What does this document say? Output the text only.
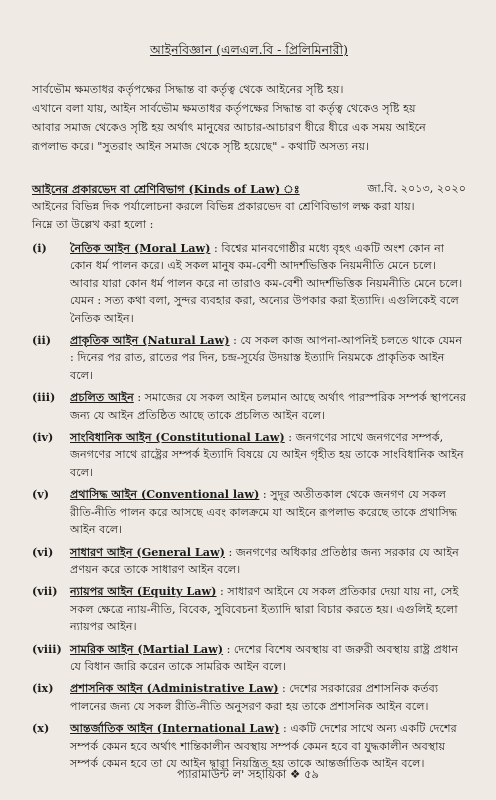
আইনবিজ্ঞান (এলএল.বি - প্রিলিমিনারী)

সার্বভৌম ক্ষমতাধর কর্তৃপক্ষের সিদ্ধান্ত বা কর্তৃত্ব থেকে আইনের সৃষ্টি হয়।

এখানে বলা যায়, আইন সার্বভৌম ক্ষমতাধর কর্তৃপক্ষের সিদ্ধান্ত বা কর্তৃত্ব থেকেও সৃষ্টি হয়

আবার সমাজ থেকেও সৃষ্টি হয় অর্থাৎ মানুষের আচার-আচারণ ধীরে ধীরে এক সময় আইনে

রূপলাভ করে। "সুতরাং আইন সমাজ থেকে সৃষ্টি হয়েছে" - কথাটি অসত্য নয়।

আইনের প্রকারভেদ বা শ্রেণিবিভাগ (Kinds of Law) ঃ	জা.বি. ২০১৩, ২০২০
আইনের বিভিন্ন দিক পর্যালোচনা করলে বিভিন্ন প্রকারভেদ বা শ্রেণিবিভাগ লক্ষ করা যায়।
নিম্নে তা উল্লেখ করা হলো :
(i)	নৈতিক আইন (Moral Law) : বিশ্বের মানবগোষ্ঠীর মধ্যে বৃহৎ একটি অংশ কোন না কোন ধর্ম পালন করে। এই সকল মানুষ কম-বেশী আদর্শভিত্তিক নিয়মনীতি মেনে চলে। আবার যারা কোন ধর্ম পালন করে না তারাও কম-বেশী আদর্শভিত্তিক নিয়মনীতি মেনে চলে। যেমন : সত্য কথা বলা, সুন্দর ব্যবহার করা, অন্যের উপকার করা ইত্যাদি। এগুলিকেই বলে নৈতিক আইন।
(ii)	প্রাকৃতিক আইন (Natural Law) : যে সকল কাজ আপনা-আপনিই চলতে থাকে যেমন : দিনের পর রাত, রাতের পর দিন, চন্দ্র-সূর্যের উদয়াস্ত ইত্যাদি নিয়মকে প্রাকৃতিক আইন বলে।
(iii)	প্রচলিত আইন : সমাজের যে সকল আইন চলমান আছে অর্থাৎ পারস্পরিক সম্পর্ক স্থাপনের জন্য যে আইন প্রতিষ্ঠিত আছে তাকে প্রচলিত আইন বলে।
(iv)	সাংবিধানিক আইন (Constitutional Law) : জনগণের সাথে জনগণের সম্পর্ক, জনগণের সাথে রাষ্ট্রের সম্পর্ক ইত্যাদি বিষয়ে যে আইন গৃহীত হয় তাকে সাংবিধানিক আইন বলে।
(v)	প্রথাসিদ্ধ আইন (Conventional law) : সুদূর অতীতকাল থেকে জনগণ যে সকল রীতি-নীতি পালন করে আসছে এবং কালক্রমে যা আইনে রূপলাভ করেছে তাকে প্রথাসিদ্ধ আইন বলে।
(vi)	সাধারণ আইন (General Law) : জনগণের অধিকার প্রতিষ্ঠার জন্য সরকার যে আইন প্রণয়ন করে তাকে সাধারণ আইন বলে।
(vii)	ন্যায়পর আইন (Equity Law) : সাধারণ আইনে যে সকল প্রতিকার দেয়া যায় না, সেই সকল ক্ষেত্রে ন্যায়-নীতি, বিবেক, সুবিবেচনা ইত্যাদি দ্বারা বিচার করতে হয়। এগুলিই হলো ন্যায়পর আইন।
(viii) সামরিক আইন (Martial Law) : দেশের বিশেষ অবস্থায় বা জরুরী অবস্থায় রাষ্ট্র প্রধান যে বিধান জারি করেন তাকে সামরিক আইন বলে।
(ix)	প্রশাসনিক আইন (Administrative Law) : দেশের সরকারের প্রশাসনিক কর্তব্য পালনের জন্য যে সকল রীতি-নীতি অনুসরণ করা হয় তাকে প্রশাসনিক আইন বলে।
(x)	আন্তর্জাতিক আইন (International Law) : একটি দেশের সাথে অন্য একটি দেশের সম্পর্ক কেমন হবে অর্থাৎ শান্তিকালীন অবস্থায় সম্পর্ক কেমন হবে বা যুদ্ধকালীন অবস্থায় সম্পর্ক কেমন হবে তা যে আইন দ্বারা নিয়ন্ত্রিত হয় তাকে আন্তর্জাতিক আইন বলে।
প্যারামাউন্ট ল' সহায়িকা ❖ ৫৯
